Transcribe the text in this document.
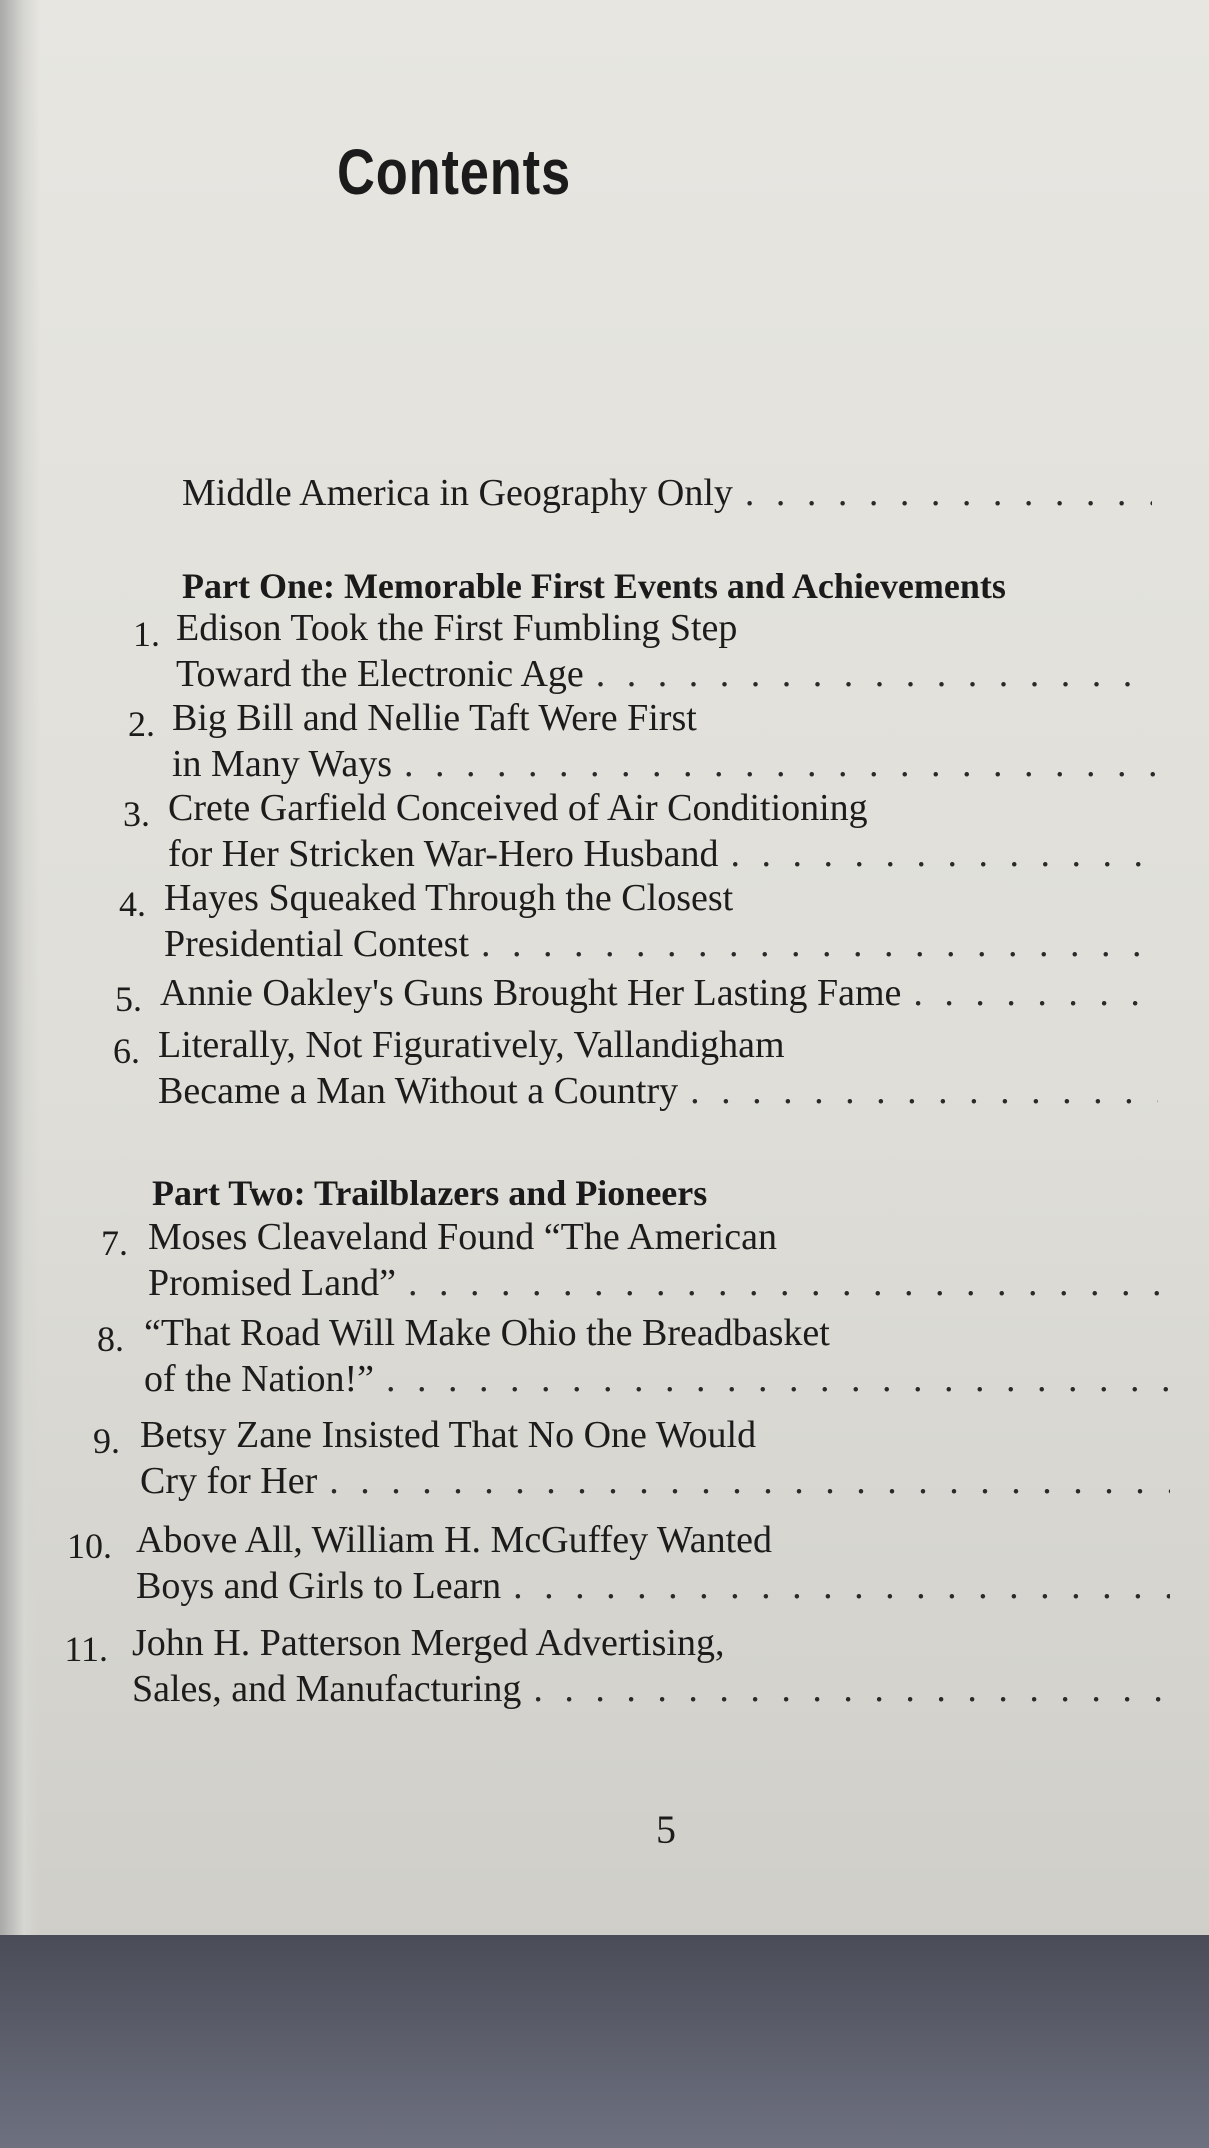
Contents
Middle America in Geography Only
. . .
Part One: Memorable First Events and Achievements
1. Edison Took the First Fumbling Step
Toward the Electronic Age
. . .
2. Big Bill and Nellie Taft Were First
in Many Ways
. . .
3. Crete Garfield Conceived of Air Conditioning
for Her Stricken War-Hero Husband
. . .
4. Hayes Squeaked Through the Closest
Presidential Contest
. . .
5. Annie Oakley's Guns Brought Her Lasting Fame
. . .
6. Literally, Not Figuratively, Vallandigham
Became a Man Without a Country
. . .
Part Two: Trailblazers and Pioneers
7. Moses Cleaveland Found “The American
Promised Land”
. . .
8. “That Road Will Make Ohio the Breadbasket
of the Nation!”
. . .
9. Betsy Zane Insisted That No One Would
Cry for Her
. . .
10. Above All, William H. McGuffey Wanted
Boys and Girls to Learn
. . .
11. John H. Patterson Merged Advertising,
Sales, and Manufacturing
. . .
5
